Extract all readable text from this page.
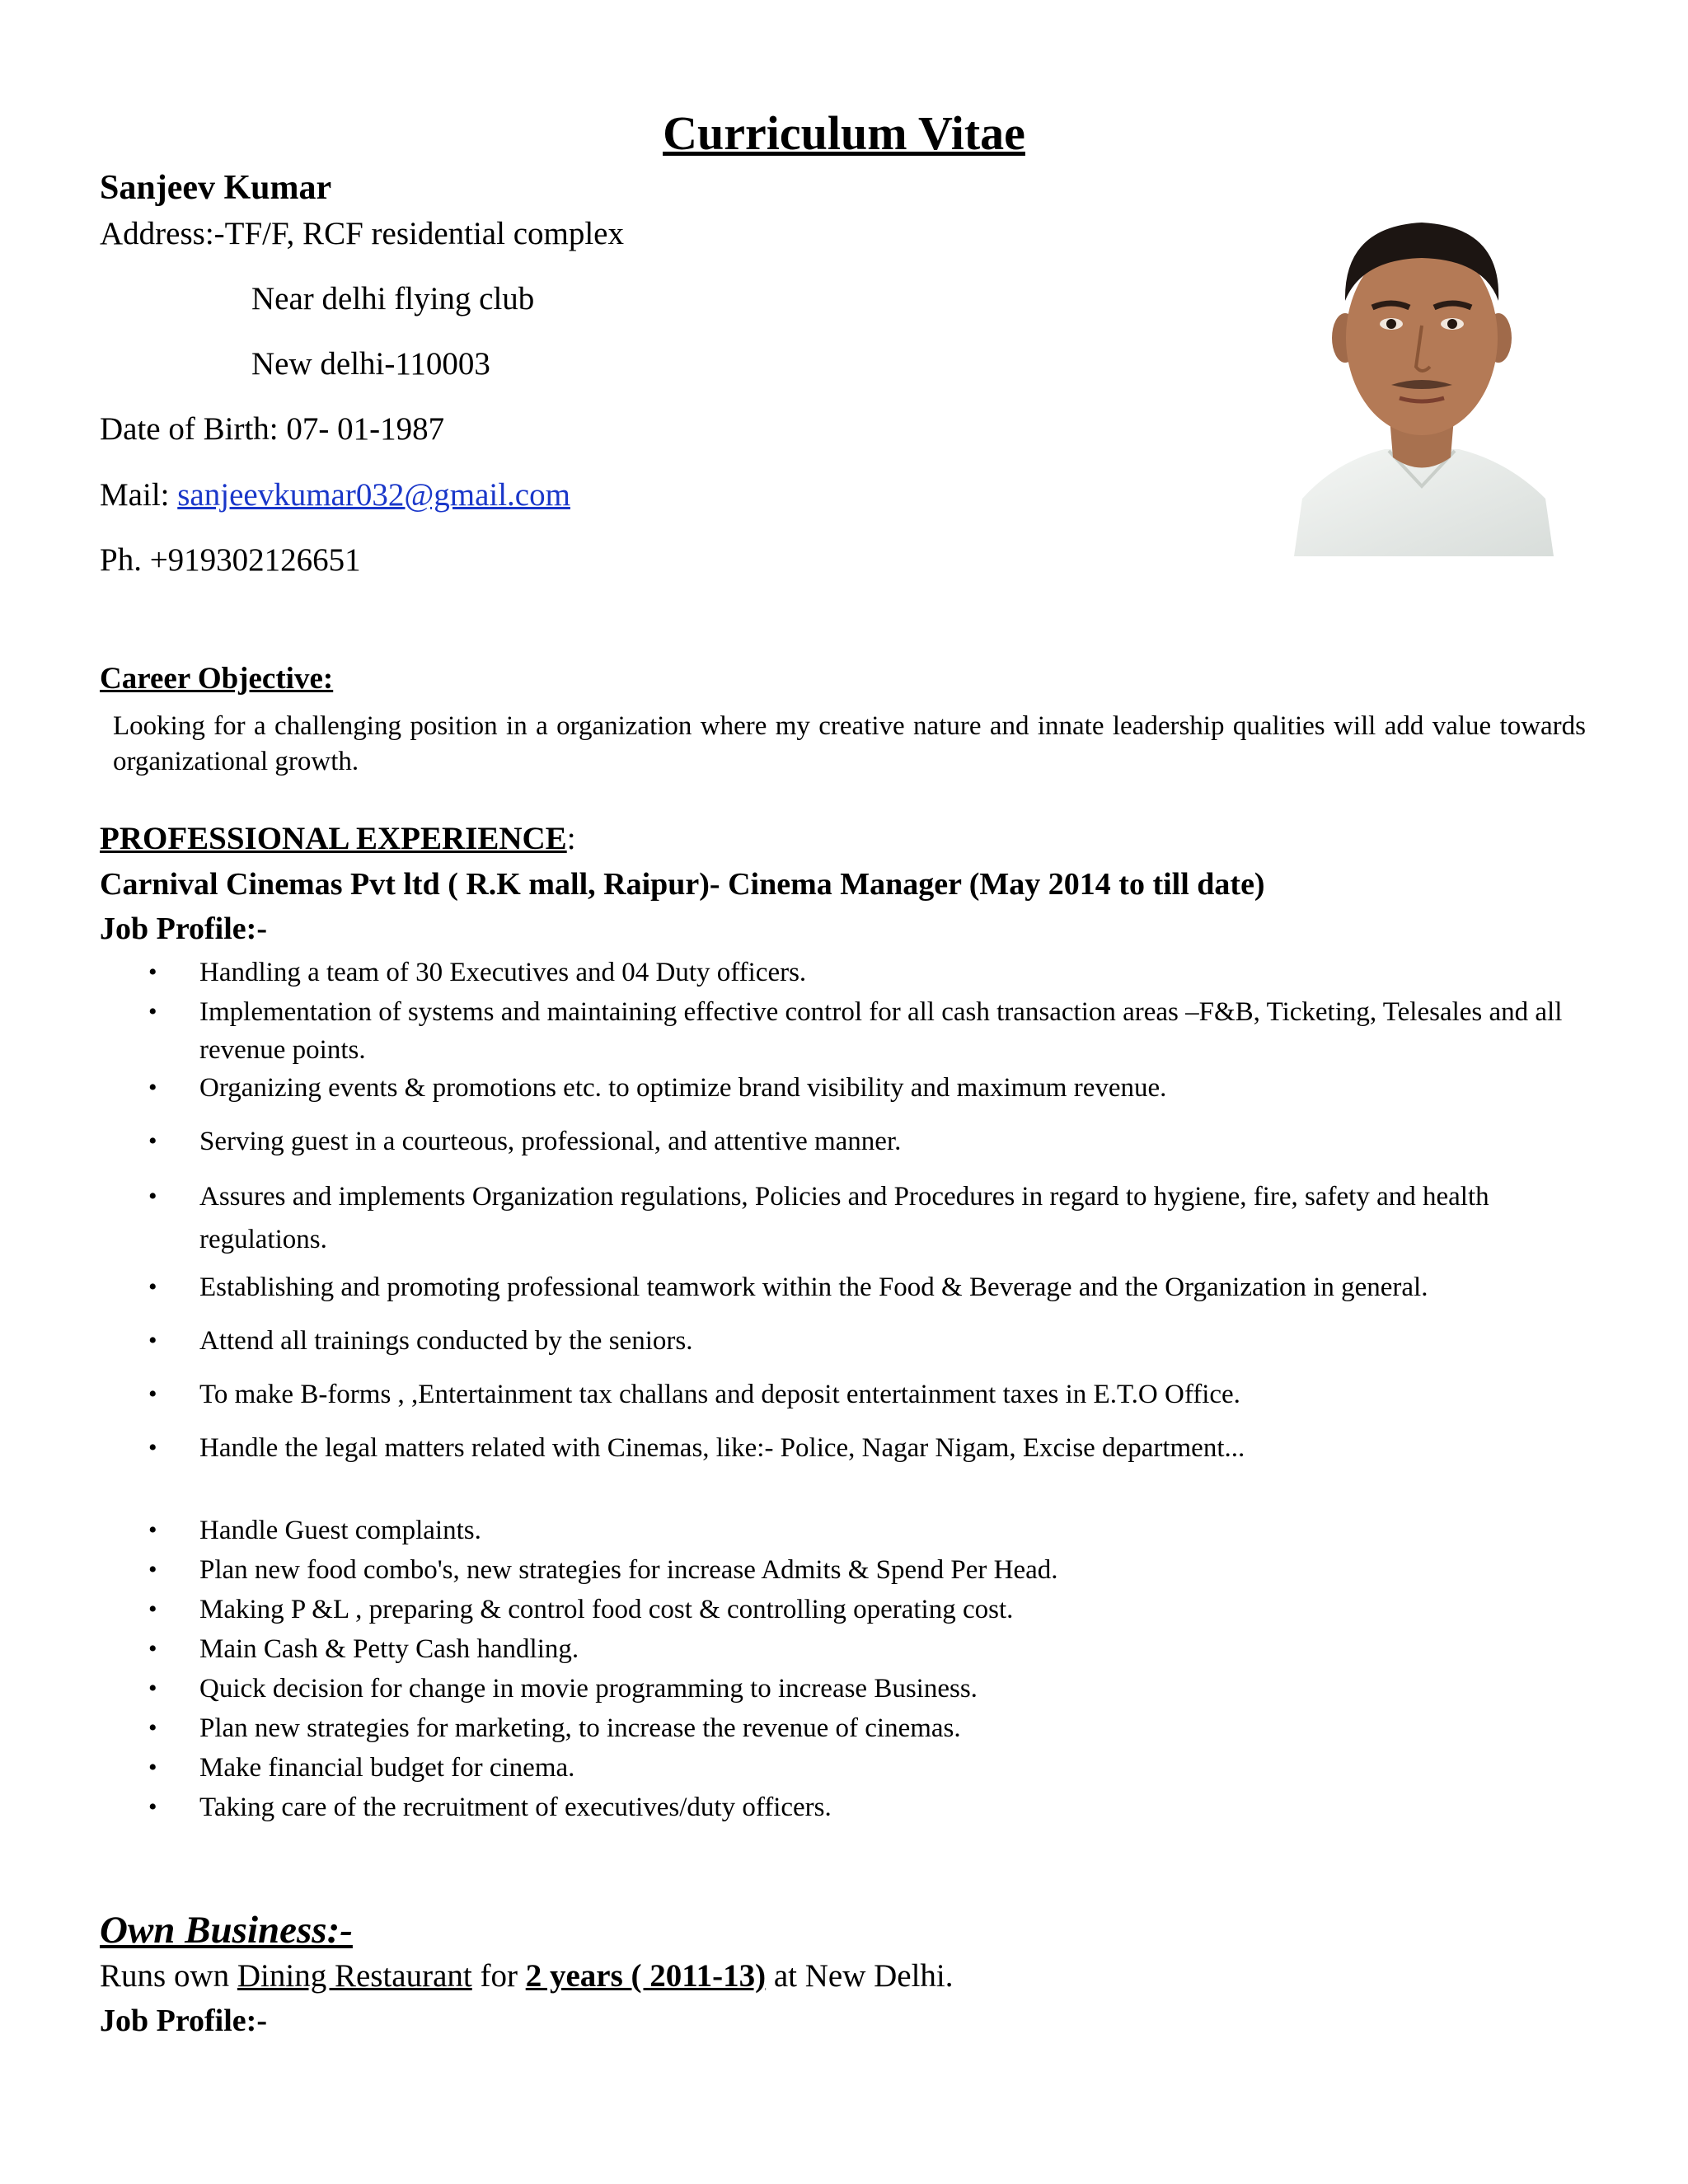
Curriculum Vitae
Sanjeev Kumar
Address:-TF/F, RCF residential complex
Near delhi flying club
New delhi-110003
Date of Birth: 07- 01-1987
Mail: sanjeevkumar032@gmail.com
Ph. +919302126651
Career Objective:
Looking for a challenging position in a organization where my creative nature and innate leadership qualities will add value towards organizational growth.
PROFESSIONAL EXPERIENCE:
Carnival Cinemas Pvt ltd ( R.K mall, Raipur)- Cinema Manager (May 2014 to till date)
Job Profile:-
•	Handling a team of 30 Executives and 04 Duty officers.
•	Implementation of systems and maintaining effective control for all cash transaction areas –F&B, Ticketing, Telesales and all revenue points.
•	Organizing events & promotions etc. to optimize brand visibility and maximum revenue.
•	Serving guest in a courteous, professional, and attentive manner.
•	Assures and implements Organization regulations, Policies and Procedures in regard to hygiene, fire, safety and health regulations.
•	Establishing and promoting professional teamwork within the Food & Beverage and the Organization in general.
•	Attend all trainings conducted by the seniors.
•	To make B-forms , ,Entertainment tax challans and deposit entertainment taxes in E.T.O Office.
•	Handle the legal matters related with Cinemas, like:- Police, Nagar Nigam, Excise department...
•	Handle Guest complaints.
•	Plan new food combo's, new strategies for increase Admits & Spend Per Head.
•	Making P &L , preparing & control food cost & controlling operating cost.
•	Main Cash & Petty Cash handling.
•	Quick decision for change in movie programming to increase Business.
•	Plan new strategies for marketing, to increase the revenue of cinemas.
•	Make financial budget for cinema.
•	Taking care of the recruitment of executives/duty officers.
Own Business:-
Runs own Dining Restaurant for 2 years ( 2011-13) at New Delhi.
Job Profile:-
